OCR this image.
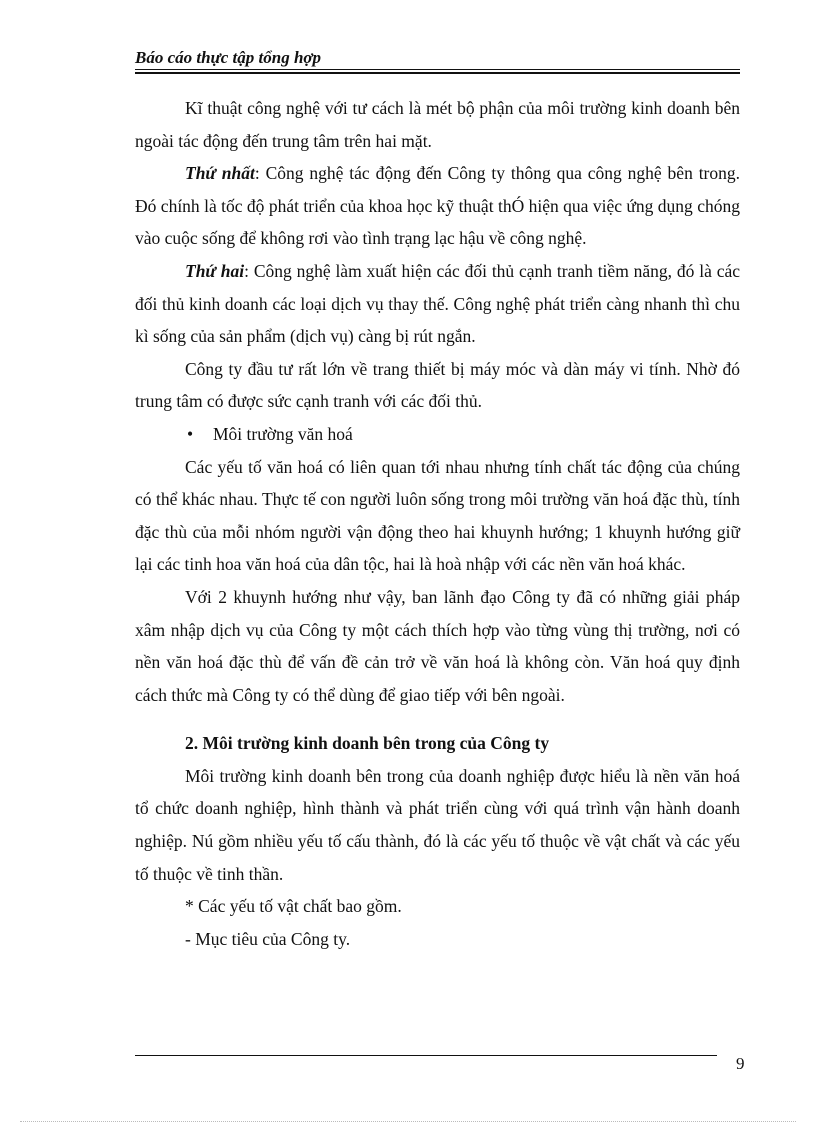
Báo cáo thực tập tổng hợp

Kĩ thuật công nghệ với tư cách là mét bộ phận của môi trường kinh doanh bên ngoài tác động đến trung tâm trên hai mặt.

Thứ nhất: Công nghệ tác động đến Công ty thông qua công nghệ bên trong. Đó chính là tốc độ phát triển của khoa học kỹ thuật thÓ hiện qua việc ứng dụng chóng vào cuộc sống để không rơi vào tình trạng lạc hậu về công nghệ.

Thứ hai: Công nghệ làm xuất hiện các đối thủ cạnh tranh tiềm năng, đó là các đối thủ kinh doanh các loại dịch vụ thay thế. Công nghệ phát triển càng nhanh thì chu kì sống của sản phẩm (dịch vụ) càng bị rút ngắn.

Công ty đầu tư rất lớn về trang thiết bị máy móc và dàn máy vi tính. Nhờ đó trung tâm có được sức cạnh tranh với các đối thủ.

• Môi trường văn hoá

Các yếu tố văn hoá có liên quan tới nhau nhưng tính chất tác động của chúng có thể khác nhau. Thực tế con người luôn sống trong môi trường văn hoá đặc thù, tính đặc thù của mỗi nhóm người vận động theo hai khuynh hướng; 1 khuynh hướng giữ lại các tinh hoa văn hoá của dân tộc, hai là hoà nhập với các nền văn hoá khác.

Với 2 khuynh hướng như vậy, ban lãnh đạo Công ty đã có những giải pháp xâm nhập dịch vụ của Công ty một cách thích hợp vào từng vùng thị trường, nơi có nền văn hoá đặc thù để vấn đề cản trở về văn hoá là không còn. Văn hoá quy định cách thức mà Công ty có thể dùng để giao tiếp với bên ngoài.

2. Môi trường kinh doanh bên trong của Công ty

Môi trường kinh doanh bên trong của doanh nghiệp được hiểu là nền văn hoá tổ chức doanh nghiệp, hình thành và phát triển cùng với quá trình vận hành doanh nghiệp. Nú gồm nhiều yếu tố cấu thành, đó là các yếu tố thuộc về vật chất và các yếu tố thuộc về tinh thần.

* Các yếu tố vật chất bao gồm.

- Mục tiêu của Công ty.

9
